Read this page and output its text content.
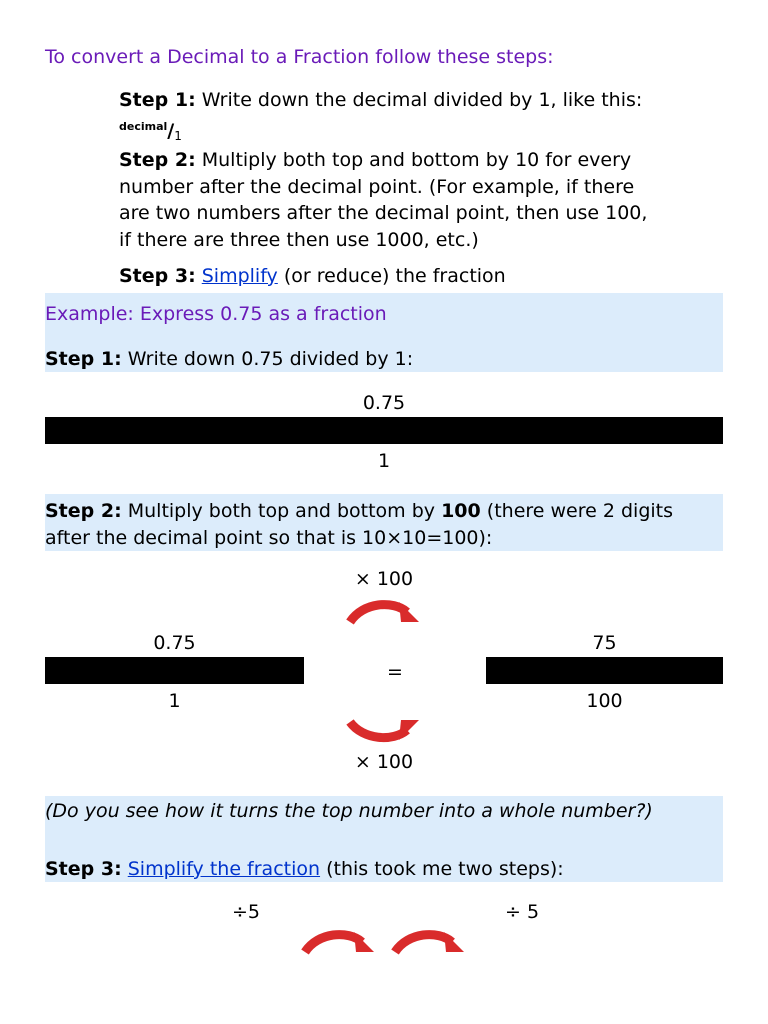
To convert a Decimal to a Fraction follow these steps:
Step 1: Write down the decimal divided by 1, like this: $^{decimal}$/1
Step 2: Multiply both top and bottom by 10 for every number after the decimal point. (For example, if there are two numbers after the decimal point, then use 100, if there are three then use 1000, etc.)
Step 3: Simplify (or reduce) the fraction
Example: Express 0.75 as a fraction
Step 1: Write down 0.75 divided by 1:
0.75
1
Step 2: Multiply both top and bottom by 100 (there were 2 digits after the decimal point so that is 10×10=100):
× 100
0.75
1
=
75
100
× 100
(Do you see how it turns the top number into a whole number?)
Step 3: Simplify the fraction (this took me two steps):
÷5	÷ 5
